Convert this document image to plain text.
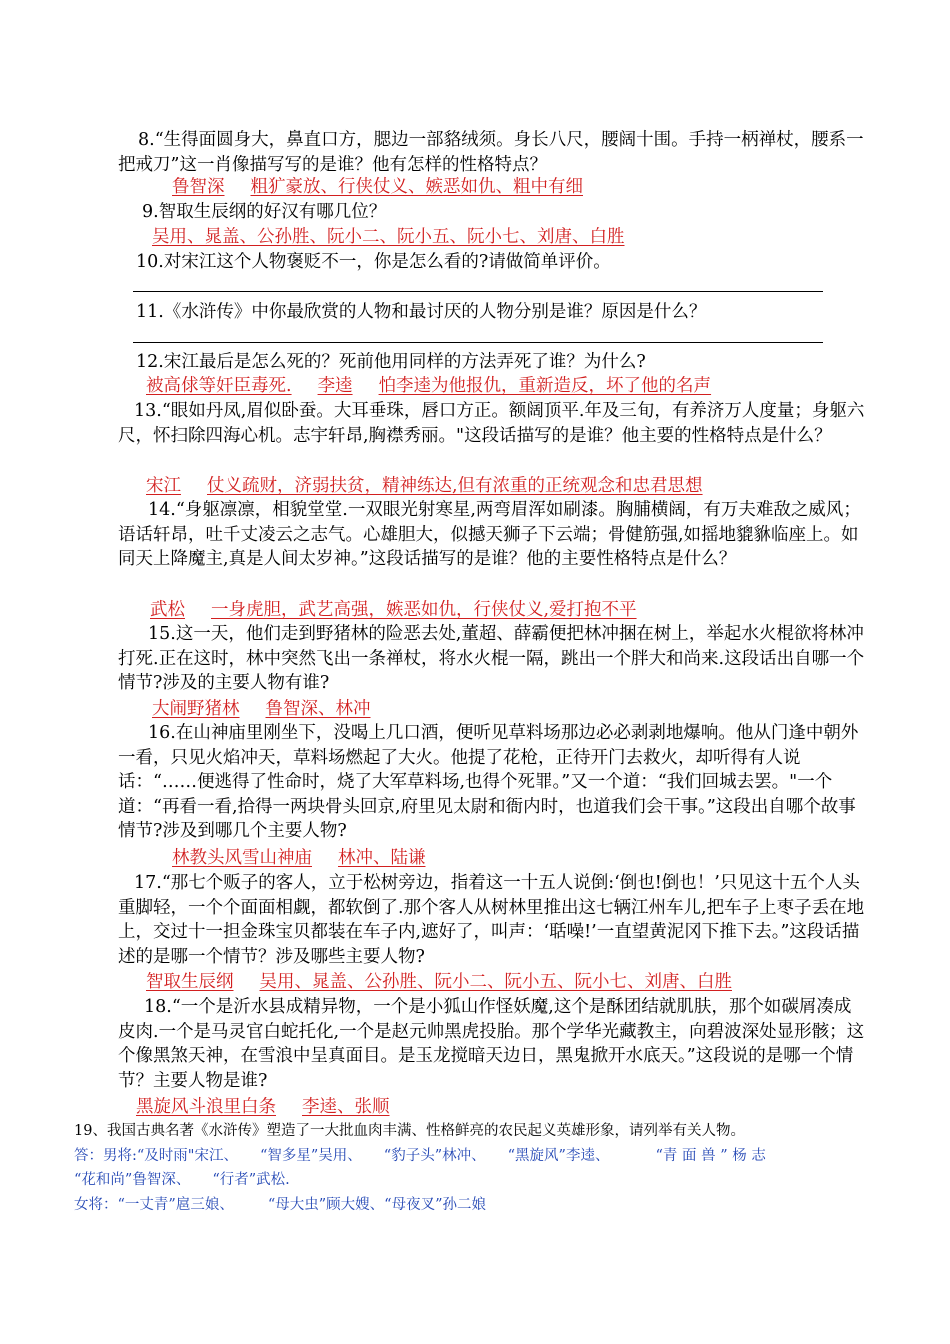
8.“生得面圆身大，鼻直口方，腮边一部貉绒须。身长八尺，腰阔十围。手持一柄禅杖，腰系一把戒刀”这一肖像描写写的是谁？他有怎样的性格特点？

鲁智深 粗犷豪放、行侠仗义、嫉恶如仇、粗中有细

9.智取生辰纲的好汉有哪几位？

吴用、晁盖、公孙胜、阮小二、阮小五、阮小七、刘唐、白胜

10.对宋江这个人物褒贬不一，你是怎么看的?请做简单评价。

11.《水浒传》中你最欣赏的人物和最讨厌的人物分别是谁？原因是什么？

12.宋江最后是怎么死的？死前他用同样的方法弄死了谁？为什么?

被高俅等奸臣毒死. 李逵 怕李逵为他报仇，重新造反，坏了他的名声

13.“眼如丹凤,眉似卧蚕。大耳垂珠，唇口方正。额阔顶平.年及三旬，有养济万人度量；身躯六尺，怀扫除四海心机。志宇轩昂,胸襟秀丽。"这段话描写的是谁？他主要的性格特点是什么？

宋江 仗义疏财，济弱扶贫，精神练达,但有浓重的正统观念和忠君思想

14.“身躯凛凛，相貌堂堂.一双眼光射寒星,两弯眉浑如刷漆。胸脯横阔，有万夫难敌之威风；语话轩昂，吐千丈凌云之志气。心雄胆大，似撼天狮子下云端；骨健筋强,如摇地貔貅临座上。如同天上降魔主,真是人间太岁神。”这段话描写的是谁？他的主要性格特点是什么？

武松 一身虎胆，武艺高强，嫉恶如仇，行侠仗义,爱打抱不平

15.这一天，他们走到野猪林的险恶去处,董超、薛霸便把林冲捆在树上，举起水火棍欲将林冲打死.正在这时，林中突然飞出一条禅杖，将水火棍一隔，跳出一个胖大和尚来.这段话出自哪一个情节?涉及的主要人物有谁?

大闹野猪林 鲁智深、林冲

16.在山神庙里刚坐下，没喝上几口酒，便听见草料场那边必必剥剥地爆响。他从门逢中朝外一看，只见火焰冲天，草料场燃起了大火。他提了花枪，正待开门去救火，却听得有人说话：“……便逃得了性命时，烧了大军草料场,也得个死罪。”又一个道：“我们回城去罢。"一个道：“再看一看,拾得一两块骨头回京,府里见太尉和衙内时，也道我们会干事。”这段出自哪个故事情节?涉及到哪几个主要人物?

林教头风雪山神庙 林冲、陆谦

17.“那七个贩子的客人，立于松树旁边，指着这一十五人说倒:‘倒也!倒也！’只见这十五个人头重脚轻，一个个面面相觑，都软倒了.那个客人从树林里推出这七辆江州车儿,把车子上枣子丢在地上，交过十一担金珠宝贝都装在车子内,遮好了，叫声：‘聒噪!’一直望黄泥冈下推下去。”这段话描述的是哪一个情节？涉及哪些主要人物?

智取生辰纲 吴用、晁盖、公孙胜、阮小二、阮小五、阮小七、刘唐、白胜

18.“一个是沂水县成精异物，一个是小狐山作怪妖魔,这个是酥团结就肌肤，那个如碳屑凑成皮肉.一个是马灵官白蛇托化,一个是赵元帅黑虎投胎。那个学华光藏教主，向碧波深处显形骸；这个像黑煞天神，在雪浪中呈真面目。是玉龙搅暗天边日，黑鬼掀开水底天。”这段说的是哪一个情节？主要人物是谁?

黑旋风斗浪里白条 李逵、张顺

19、我国古典名著《水浒传》塑造了一大批血肉丰满、性格鲜亮的农民起义英雄形象，请列举有关人物。

答：男将:“及时雨"宋江、 “智多星”吴用、 “豹子头”林冲、 “黑旋风”李逵、	“青 面 兽 ” 杨 志

“花和尚”鲁智深、 “行者”武松.

女将：“一丈青”扈三娘、 “母大虫”顾大嫂、“母夜叉”孙二娘
